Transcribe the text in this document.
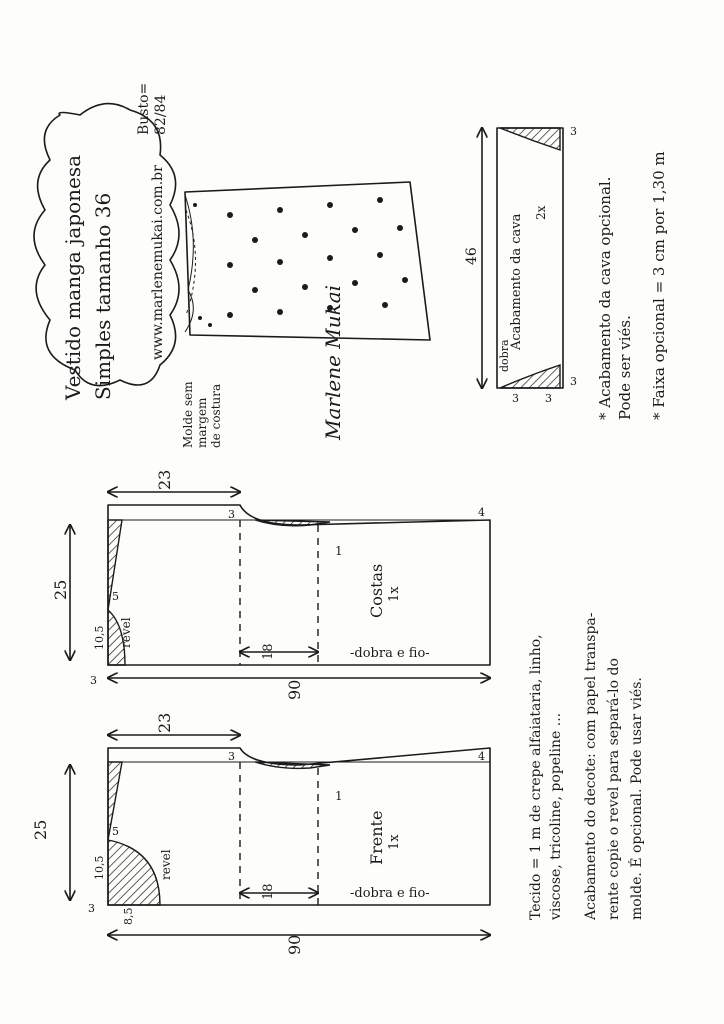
Vestido manga japonesa Simples tamanho 36
Busto= 82/84
www.marlenemukai.com.br
Molde sem margem de costura	Marlene Mukai
46 Acabamento da cava
2x
dobra
3
3
3 3	* Acabamento da cava opcional. Pode ser viés. * Faixa opcional = 3 cm por 1,30 m
25
23
3	4
1
10,5
5
18
90
3
revel
Costas 1x
-dobra e fio-
25
23
3	4
1
10,5
5
8,5
18
90
3
revel	Frente 1x
-dobra e fio-	Tecido = 1 m de crepe alfaiataria, linho, viscose, tricoline, popeline ... Acabamento do decote: com papel transpa- rente copie o revel para separá-lo do molde. É opcional. Pode usar viés.
